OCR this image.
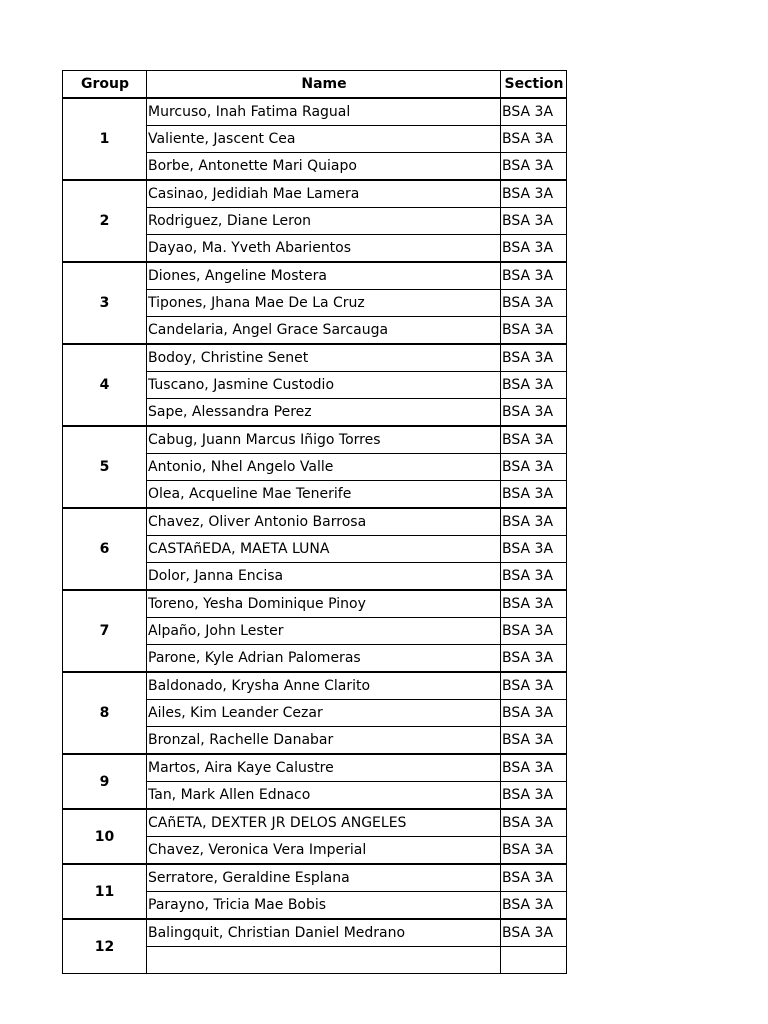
Group	Name	Section
1	Murcuso, Inah Fatima Ragual	BSA 3A
	Valiente, Jascent Cea	BSA 3A
	Borbe, Antonette Mari Quiapo	BSA 3A
2	Casinao, Jedidiah Mae Lamera	BSA 3A
	Rodriguez, Diane Leron	BSA 3A
	Dayao, Ma. Yveth Abarientos	BSA 3A
3	Diones, Angeline Mostera	BSA 3A
	Tipones, Jhana Mae De La Cruz	BSA 3A
	Candelaria, Angel Grace Sarcauga	BSA 3A
4	Bodoy, Christine Senet	BSA 3A
	Tuscano, Jasmine Custodio	BSA 3A
	Sape, Alessandra Perez	BSA 3A
5	Cabug, Juann Marcus Iñigo Torres	BSA 3A
	Antonio, Nhel Angelo Valle	BSA 3A
	Olea, Acqueline Mae Tenerife	BSA 3A
6	Chavez, Oliver Antonio Barrosa	BSA 3A
	CASTAñEDA, MAETA LUNA	BSA 3A
	Dolor, Janna Encisa	BSA 3A
7	Toreno, Yesha Dominique Pinoy	BSA 3A
	Alpaño, John Lester	BSA 3A
	Parone, Kyle Adrian Palomeras	BSA 3A
8	Baldonado, Krysha Anne Clarito	BSA 3A
	Ailes, Kim Leander Cezar	BSA 3A
	Bronzal, Rachelle Danabar	BSA 3A
9	Martos, Aira Kaye Calustre	BSA 3A
	Tan, Mark Allen Ednaco	BSA 3A
10	CAñETA, DEXTER JR DELOS ANGELES	BSA 3A
	Chavez, Veronica Vera Imperial	BSA 3A
11	Serratore, Geraldine Esplana	BSA 3A
	Parayno, Tricia Mae Bobis	BSA 3A
12	Balingquit, Christian Daniel Medrano	BSA 3A
